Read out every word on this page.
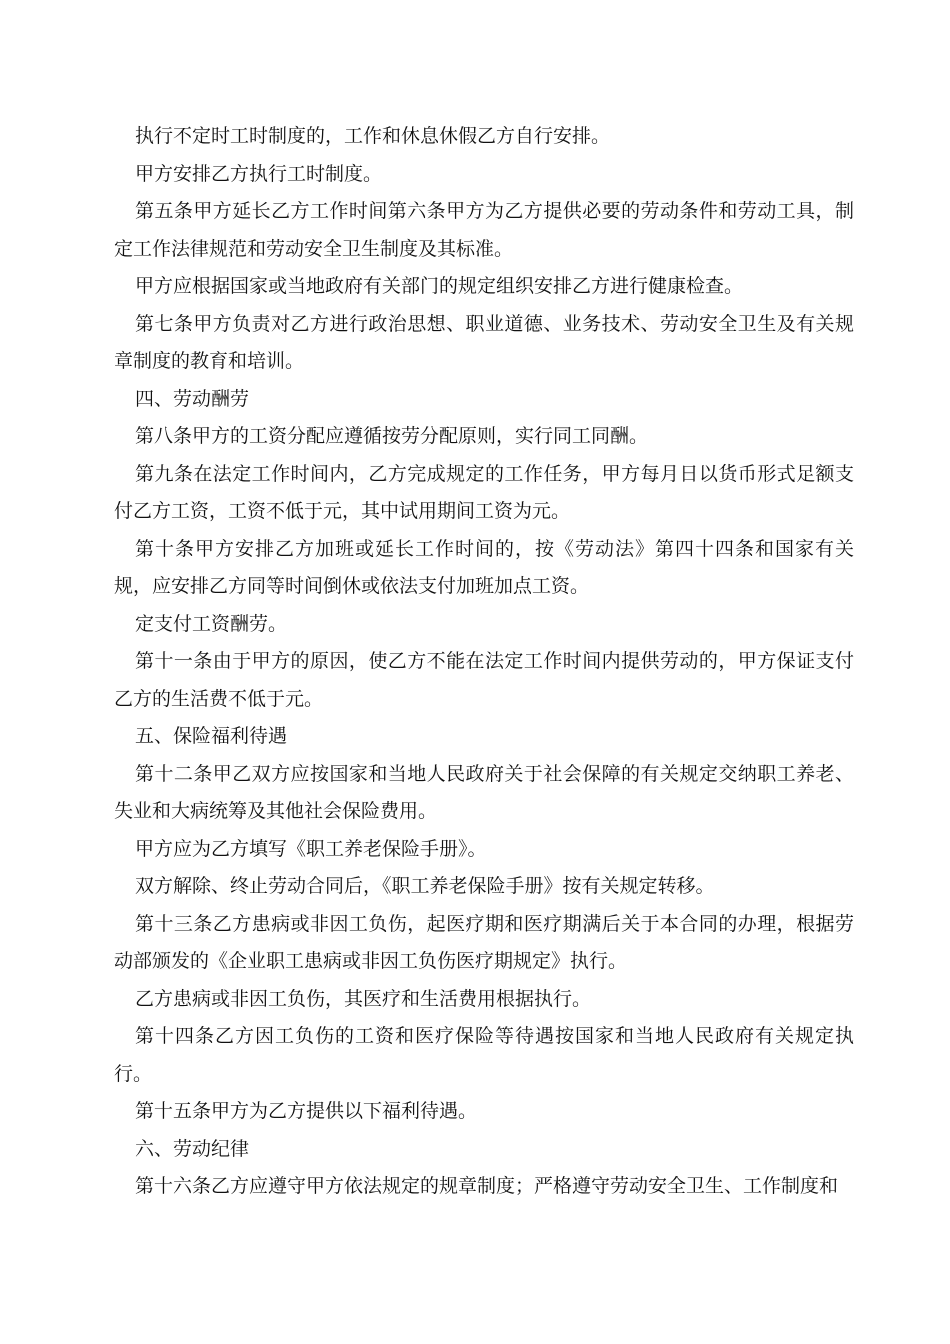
执行不定时工时制度的，工作和休息休假乙方自行安排。

甲方安排乙方执行工时制度。

第五条甲方延长乙方工作时间第六条甲方为乙方提供必要的劳动条件和劳动工具，制定工作法律规范和劳动安全卫生制度及其标准。

甲方应根据国家或当地政府有关部门的规定组织安排乙方进行健康检查。

第七条甲方负责对乙方进行政治思想、职业道德、业务技术、劳动安全卫生及有关规章制度的教育和培训。

四、劳动酬劳

第八条甲方的工资分配应遵循按劳分配原则，实行同工同酬。

第九条在法定工作时间内，乙方完成规定的工作任务，甲方每月日以货币形式足额支付乙方工资，工资不低于元，其中试用期间工资为元。

第十条甲方安排乙方加班或延长工作时间的，按《劳动法》第四十四条和国家有关规，应安排乙方同等时间倒休或依法支付加班加点工资。

定支付工资酬劳。

第十一条由于甲方的原因，使乙方不能在法定工作时间内提供劳动的，甲方保证支付乙方的生活费不低于元。

五、保险福利待遇

第十二条甲乙双方应按国家和当地人民政府关于社会保障的有关规定交纳职工养老、失业和大病统筹及其他社会保险费用。

甲方应为乙方填写《职工养老保险手册》。

双方解除、终止劳动合同后，《职工养老保险手册》按有关规定转移。

第十三条乙方患病或非因工负伤，起医疗期和医疗期满后关于本合同的办理，根据劳动部颁发的《企业职工患病或非因工负伤医疗期规定》执行。

乙方患病或非因工负伤，其医疗和生活费用根据执行。

第十四条乙方因工负伤的工资和医疗保险等待遇按国家和当地人民政府有关规定执行。

第十五条甲方为乙方提供以下福利待遇。

六、劳动纪律

第十六条乙方应遵守甲方依法规定的规章制度；严格遵守劳动安全卫生、工作制度和
